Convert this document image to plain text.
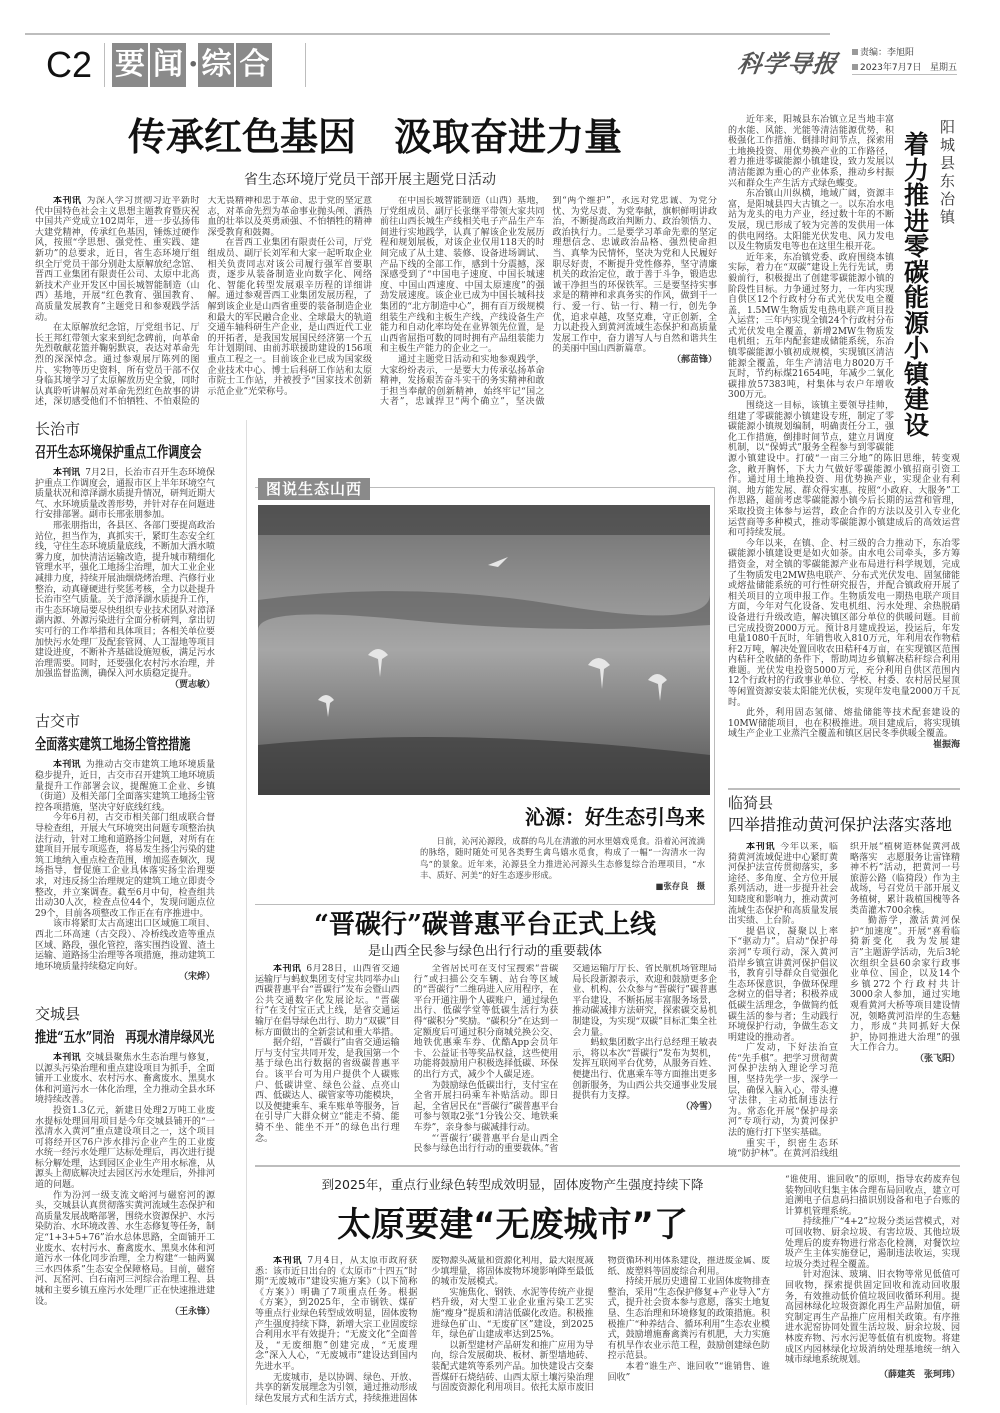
C2 要 闻 · 综 合	科学导报	责编：李旭阳
2023年7月7日 星期五
传承红色基因　汲取奋进力量
省生态环境厅党员干部开展主题党日活动

本刊讯 为深入学习贯彻习近平新时代中国特色社会主义思想主题教育暨庆祝中国共产党成立102周年，进一步弘扬伟大建党精神，传承红色基因，锤炼过硬作风，按照“学思想、强党性、重实践、建新功”的总要求，近日，省生态环境厅组织全厅党员干部分别赴太原解放纪念馆、晋西工业集团有限责任公司、太原中北高新技术产业开发区中国长城智能制造（山西）基地，开展“红色教育、强国教育、高质量发展教育”主题党日和参观践学活动。

在太原解放纪念馆，厅党组书记、厅长王邦红带领大家来到纪念碑前，向革命先烈敬献花篮并鞠躬默哀，表达对革命先烈的深深悼念。通过参观展厅陈列的图片、实物等历史资料，所有党员干部不仅身临其境学习了太原解放历史全貌，同时认真聆听讲解员对革命先烈红色故事的讲述，深切感受他们不怕牺牲、不怕艰险的大无畏精神和忠于革命、忠于党的坚定意志，对革命先烈为革命事业抛头颅、洒热血的壮举以及英勇顽强、不怕牺牲的精神深受教育和鼓舞。

在晋西工业集团有限责任公司，厅党组成员、副厅长刘军和大家一起听取企业相关负责同志对该公司履行强军首要职责，逐步从装备制造业向数字化、网络化、智能化转型发展艰辛历程的详细讲解。通过参观晋西工业集团发展历程，了解到该企业是山西省重要的装备制造企业和最大的军民融合企业、全球最大的轨道交通车轴科研生产企业，是山西近代工业的开拓者，是我国发展国民经济第一个五年计划期间、由前苏联援助建设的156项重点工程之一。目前该企业已成为国家级企业技术中心、博士后科研工作站和太原市院士工作站，并被授予“国家技术创新示范企业”光荣称号。

在中国长城智能制造（山西）基地，厅党组成员、副厅长张继平带领大家共同前往山西长城生产线相关电子产品生产车间进行实地践学，认真了解该企业发展历程和规划展板，对该企业仅用118天的时间完成了从土建、装修、设备进场调试、产品下线的全部工作，感到十分震撼，深深感受到了“中国电子速度、中国长城速度、中国山西速度、中国太原速度”的强劲发展速度。该企业已成为中国长城科技集团的“北方制造中心”，拥有百万级规模组装生产线和主板生产线，产线设备生产能力和自动化率均处在业界领先位置，是山西省屈指可数的同时拥有产品组装能力和主板生产能力的企业之一。

通过主题党日活动和实地参观践学，大家纷纷表示，一是要大力传承弘扬革命精神，发扬艰苦奋斗实干的务实精神和敢于担当奉献的创新精神，始终牢记“国之大者”，忠诚捍卫“两个确立”，坚决做到“两个维护”，永远对党忠诚、为党分忧、为党尽责、为党奉献，旗帜鲜明讲政治，不断提高政治判断力、政治领悟力、政治执行力。二是要学习革命先辈的坚定理想信念、忠诚政治品格、强烈使命担当、真挚为民情怀，坚决为党和人民履好职尽好责，不断提升党性修养，坚守清廉机关的政治定位，敢于善于斗争，锻造忠诚干净担当的环保铁军。三是要坚持实事求是的精神和求真务实的作风，做到干一行、爱一行、钻一行、精一行，创先争优，追求卓越，攻坚克难，守正创新，全力以赴投入到黄河流域生态保护和高质量发展工作中，奋力谱写人与自然和谐共生的美丽中国山西新篇章。

（郝苗锋）
阳城县东冶镇
着力推进零碳能源小镇建设

近年来，阳城县东冶镇立足当地丰富的水能、风能、光能等清洁能源优势，积极强化工作措施、倒排时间节点，探索用土地换投资、用优势换产业的工作路径，着力推进零碳能源小镇建设，致力发展以清洁能源为重心的产业体系，推动乡村振兴和群众生产生活方式绿色蝶变。

东冶镇山川纵横，地域广阔，资源丰富，是阳城县四大古镇之一。以东冶水电站为龙头的电力产业，经过数十年的不断发展，现已形成了较为完善的发供用一体的供电网络。太阳能光伏发电、风力发电以及生物质发电等也在这里生根开花。

近年来，东冶镇党委、政府围绕本镇实际，着力在“双碳”建设上先行先试，勇毅前行，积极提出了创建零碳能源小镇的阶段性目标。力争通过努力，一年内实现自供区12个行政村分布式光伏发电全覆盖，1.5MW生物质发电热电联产项目投入运营；三年内实现全镇24个行政村分布式光伏发电全覆盖，新增2MW生物质发电机组；五年内配套建成储能系统，东冶镇零碳能源小镇初成规模，实现镇区清洁能源全覆盖，年生产清洁电力8020万千瓦时，节约标煤21654吨，年减少二氧化碳排放57383吨，村集体与农户年增收300万元。

围绕这一目标，该镇主要领导挂帅，组建了零碳能源小镇建设专班，制定了零碳能源小镇规划编制，明确责任分工，强化工作措施，倒排时间节点，建立月调度机制，以“保姆式”服务全程参与到零碳能源小镇建设中。打破“一亩三分地”的陈旧思维，转变观念，敞开胸怀，下大力气做好零碳能源小镇招商引资工作。通过用土地换投资、用优势换产业，实现企业有利润、地方能发展、群众得实惠。按照“小政府、大服务”工作思路，超前考虑零碳能源小镇今后长期的运营和管理，采取投资主体参与运营，政企合作的方法以及引入专业化运营商等多种模式，推动零碳能源小镇建成后的高效运营和可持续发展。

今年以来，在镇、企、村三级的合力推动下，东冶零碳能源小镇建设更是如火如荼。由水电公司牵头，多方筹措资金，对全镇的零碳能源产业布局进行科学规划，完成了生物质发电2MW热电联产、分布式光伏发电、固氢储能或熔盐储能系统的可行性研究报告，并配合镇政府开展了相关项目的立项申报工作。生物质发电一期热电联产项目方面，今年对气化设备、发电机组、污水处理、余热脱硝设备进行升级改造，解决镇区部分单位的供暖问题。目前已完成投资2000万元。预计8月建成投运，投运后，年发电量1080千瓦时，年销售收入810万元，年利用农作物秸秆2万吨，解决处置回收农田秸秆4万亩，在实现镇区范围内秸秆全收储的条件下，帮助周边乡镇解决秸秆综合利用难题。光伏发电投资5000万元，充分利用自供区范围内12个行政村的行政事业单位、学校、村委、农村居民屋顶等闲置资源安装太阳能光伏板，实现年发电量2000万千瓦时。

此外，利用固态氢储、熔盐储能等技术配套建设的10MW储能项目，也在积极推进。项目建成后，将实现镇域生产企业工业蒸汽全覆盖和镇区居民冬季供暖全覆盖。

崔振海
长治市
召开生态环境保护重点工作调度会

本刊讯 7月2日，长治市召开生态环境保护重点工作调度会，通报市区上半年环境空气质量状况和漳泽湖水质提升情况，研判近期大气、水环境质量改善形势，并针对存在问题进行安排部署。副市长邢张朋参加。

邢张朋指出，各县区、各部门要提高政治站位，担当作为，真抓实干，紧盯生态安全红线，守住生态环境质量底线，不断加大洒水喷雾力度，加快清洁运输改造，提升城市精细化管理水平，强化工地扬尘治理，加大工业企业减排力度，持续开展油烟烧烤治理、汽修行业整治，动真碰硬进行奖惩考核，全力以赴提升长治市空气质量。关于漳泽湖水质提升工作，市生态环境局要尽快组织专业技术团队对漳泽湖内源、外源污染进行全面分析研判，拿出切实可行的工作举措和具体项目；各相关单位要加快污水处理厂及配套管网、人工湿地等项目建设进度，不断补齐基础设施短板，满足污水治理需要。同时，还要强化农村污水治理，并加强监督监测，确保入河水质稳定提升。

（贾志敏）
古交市
全面落实建筑工地扬尘管控措施

本刊讯 为推动古交市建筑工地环境质量稳步提升，近日，古交市召开建筑工地环境质量提升工作部署会议，提醒施工企业、乡镇（街道）及相关部门全面落实建筑工地扬尘管控各项措施，坚决守好底线红线。

今年6月初，古交市相关部门组成联合督导检查组，开展大气环境突出问题专项整治执法行动，针对工地和道路扬尘问题，对所有在建项目开展专项巡查，将易发生扬尘污染的建筑工地纳入重点检查范围，增加巡查频次，现场指导，督促施工企业具体落实扬尘治理要求，对违反扬尘治理规定的建筑工地立即责令整改，并立案调查。截至6月中旬，检查组共出动30人次，检查点位44个，发现问题点位29个，目前各项整改工作正在有序推进中。

该市将紧盯太古高速出口区域施工项目、西北二环高速（古交段）、冷桥线改造等重点区域、路段，强化管控，落实围挡设置、渣土运输、道路扬尘治理等各项措施，推动建筑工地环境质量持续稳定向好。

（宋烨）
交城县
推进“五水”同治　再现水清岸绿风光

本刊讯 交城县聚焦水生态治理与修复，以源头污染治理和重点建设项目为抓手，全面铺开工业废水、农村污水、畜禽废水、黑臭水体和河道污水一体化治理，全力推动全县水环境持续改善。

投资1.3亿元，新建日处理2万吨工业废水提标处理回用项目是今年交城县铺开的“一泓清水入黄河”重点建设项目之一，这个项目可将经开区76户涉水排污企业产生的工业废水统一经污水处理厂达标处理后，再次进行提标分解处理，达到园区企业生产用水标准，从源头上彻底解决过去园区污水处理后，外排河道的问题。

作为汾河一级支流文峪河与磁窑河的源头，交城县认真贯彻落实黄河流域生态保护和高质量发展战略部署，围绕水资源保护、水污染防治、水环境改善、水生态修复等任务，制定“1+3+5+76”治水总体思路，全面铺开工业废水、农村污水、畜禽废水、黑臭水体和河道污水一体化同步治理，全力构建“一轴两翼三水四体系”生态安全保障格局。目前，磁窑河、瓦窑河、白石南河三河综合治理工程、县城和主要乡镇五座污水处理厂正在快速推进建设。

（王永锋）
图说生态山西
沁源：好生态引鸟来
日前，沁河沁源段，成群的鸟儿在清澈的河水里嬉戏觅食。沿着沁河流淌的脉络，随时随处可见各类野生禽鸟嬉水觅食，构成了一幅“一沟清水一沟鸟”的景象。近年来，沁源县全力推进沁河源头生态修复综合治理项目，“水丰、质好、河美”的好生态逐步形成。
■张存良　摄
“晋碳行”碳普惠平台正式上线
是山西全民参与绿色出行行动的重要载体

本刊讯 6月28日，山西省交通运输厅与蚂蚁集团支付宝共同举办山西碳普惠平台“晋碳行”发布会暨山西公共交通数字化发展论坛。“晋碳行”在支付宝正式上线，是省交通运输厅在倡导绿色出行、助力“双碳”目标方面做出的全新尝试和重大举措。

据介绍，“晋碳行”由省交通运输厅与支付宝共同开发，是我国第一个基于绿色出行数据的省级碳普惠平台。该平台可为用户提供个人碳账户、低碳讲堂、绿色公益、点亮山西、低碳达人、碳管家等功能模块，以及便捷乘车、乘车账单等服务，旨在引导广大群众树立“能走不骑、能骑不坐、能坐不开”的绿色出行理念。

全省居民可在支付宝搜索“晋碳行”或扫描公交车辆、站台等区域的“晋碳行”二维码进入应用程序，在平台开通注册个人碳账户，通过绿色出行、低碳学堂等低碳生活行为获得“碳积分”奖励。“碳积分”在达到一定额度后可通过积分商城兑换公交、地铁优惠乘车券、优酷App会员年卡、公益证书等奖品权益，这些使用功能将鼓励用户积极选择低碳、环保的出行方式，减少个人碳足迹。

为鼓励绿色低碳出行，支付宝在全省开展扫码乘车补贴活动。即日起，全省居民在“晋碳行”碳普惠平台可参与领取2张“1分钱公交、地铁乘车券”，亲身参与碳减排行动。

“‘晋碳行’碳普惠平台是山西全民参与绿色出行行动的重要载体。”省交通运输厅厅长、省民航机场管理局局长段新源表示，欢迎和鼓励更多企业、机构、公众参与“晋碳行”碳普惠平台建设，不断拓展丰富服务场景，推动碳减排方法研究，探索碳交易机制建设，为实现“双碳”目标汇集全社会力量。

蚂蚁集团数字出行总经理王敏表示，将以本次“晋碳行”发布为契机，发挥互联网平台优势，从服务百姓、便捷出行、优惠乘车等方面推出更多创新服务，为山西公共交通事业发展提供有力支撑。

（冷雪）
临猗县
四举措推动黄河保护法落实落地

本刊讯 今年以来，临猗黄河流域促进中心紧盯黄河保护法宣传贯彻落实，多途径、多角度、全方位开展系列活动，进一步提升社会知晓度和影响力，推动黄河流域生态保护和高质量发展出实绩、上台阶。

提倡议，凝聚以上率下“驱动力”。启动“保护母亲河”专项行动，深入黄河沿岸乡镇宣讲黄河保护倡议书，教育引导群众自觉强化生态环保意识，争做环保理念树立的倡导者；积极养成低碳生活理念，争做简约低碳生活的参与者；生动践行环境保护行动，争做生态文明建设的推动者。

广发动，下好法治宣传“先手棋”。把学习贯彻黄河保护法纳入理论学习范围，坚持先学一步、深学一层，确保入脑入心，带头遵守法律，主动抵制违法行为。常态化开展“保护母亲河”专项行动，为黄河保护法的施行打下坚实基础。

重实干，织密生态环境“防护林”。在黄河沿线组织开展“植树造林促黄河战略落实　志愿服务让雷锋精神不朽”活动，把黄河一号旅游公路（临猗段）作为主战场，号召党员干部开展义务植树，累计栽植国槐等各类苗灌木700余株。

勤游学，激活黄河保护“加速度”。开展“喜看临猗新变化　我为发展建言”主题游学活动，先后3轮次组织全县60余家行政事业单位、国企，以及14个乡镇272个行政村共计3000余人参加，通过实地观看黄河大桥等项目建设情况，领略黄河沿岸的生态魅力，形成“共同抓好大保护，协同推进大治理”的强大工作合力。

（张飞阳）
到2025年，重点行业绿色转型成效明显，固体废物产生强度持续下降
太原要建“无废城市”了

本刊讯 7月4日，从太原市政府获悉：该市近日出台的《太原市“十四五”时期“无废城市”建设实施方案》（以下简称《方案》）明确了7项重点任务。根据《方案》，到2025年，全市钢铁、煤矿等重点行业绿色转型成效明显，固体废物产生强度持续下降，新增大宗工业固废综合利用水平有效提升；“无废文化”全面普及，“无废细胞”创建完成，“无废理念”深入人心，“无废城市”建设达到国内先进水平。

无废城市，是以协调、绿色、开放、共享的新发展理念为引领，通过推动形成绿色发展方式和生活方式，持续推进固体废物源头减量和资源化利用，最大限度减少填埋量，将固体废物环境影响降至最低的城市发展模式。

实施焦化、钢铁、水泥等传统产业提档升级，对大型工业企业重污染工艺实施“瘦身”提质和清洁低碳化改造。积极推进绿色矿山、“无废矿区”建设，到2025年，绿色矿山建成率达到25%。

以新型建材产品研发和推广应用为导向，综合发展砌块、板材、新型墙地砖、装配式建筑等系列产品。加快建设古交秦晋煤矸石烧结砖、山西太原土壤污染治理与固废资源化利用项目。依托太原市废旧物资循环利用体系建设，推进废金属、废纸、废塑料等固废综合利用。

持续开展历史遗留工业固体废物排查整治，采用“生态保护修复+产业导入”方式，提升社会资本参与意愿，落实土地复垦、生态治理和环境修复的政策措施。积极推广“种养结合、循环利用”生态农业模式，鼓励增施畜禽粪污有机肥，大力实施有机旱作农业示范工程，鼓励创建绿色防控示范县。

本着“谁生产、谁回收”“谁销售、谁回收”

“谁使用、谁回收”的原则，指导农药废弃包装物回收归集主体合理布局回收点，建立可追溯电子信息码扫描识别设备和电子台账的计算机管理系统。

持续推广“4+2”垃圾分类运营模式，对可回收物、厨余垃圾、有害垃圾、其他垃圾处理后的废弃物进行常态化检测，对餐饮垃圾产生主体实施登记，遏制违法收运，实现垃圾分类过程全覆盖。

针对泡沫、玻璃、旧衣物等常见低值可回收物，探索提供固定回收和流动回收服务，有效推动低价值垃圾回收循环利用。提高园林绿化垃圾资源化再生产品附加值，研究制定再生产品推广应用相关政策。有序推进水泥窑协同处置生活垃圾、厨余垃圾、园林废弃物、污水污泥等低值有机废物。将建成区内园林绿化垃圾消纳处理基地统一纳入城市绿地系统规划。

（薛建英　张珂玮）
